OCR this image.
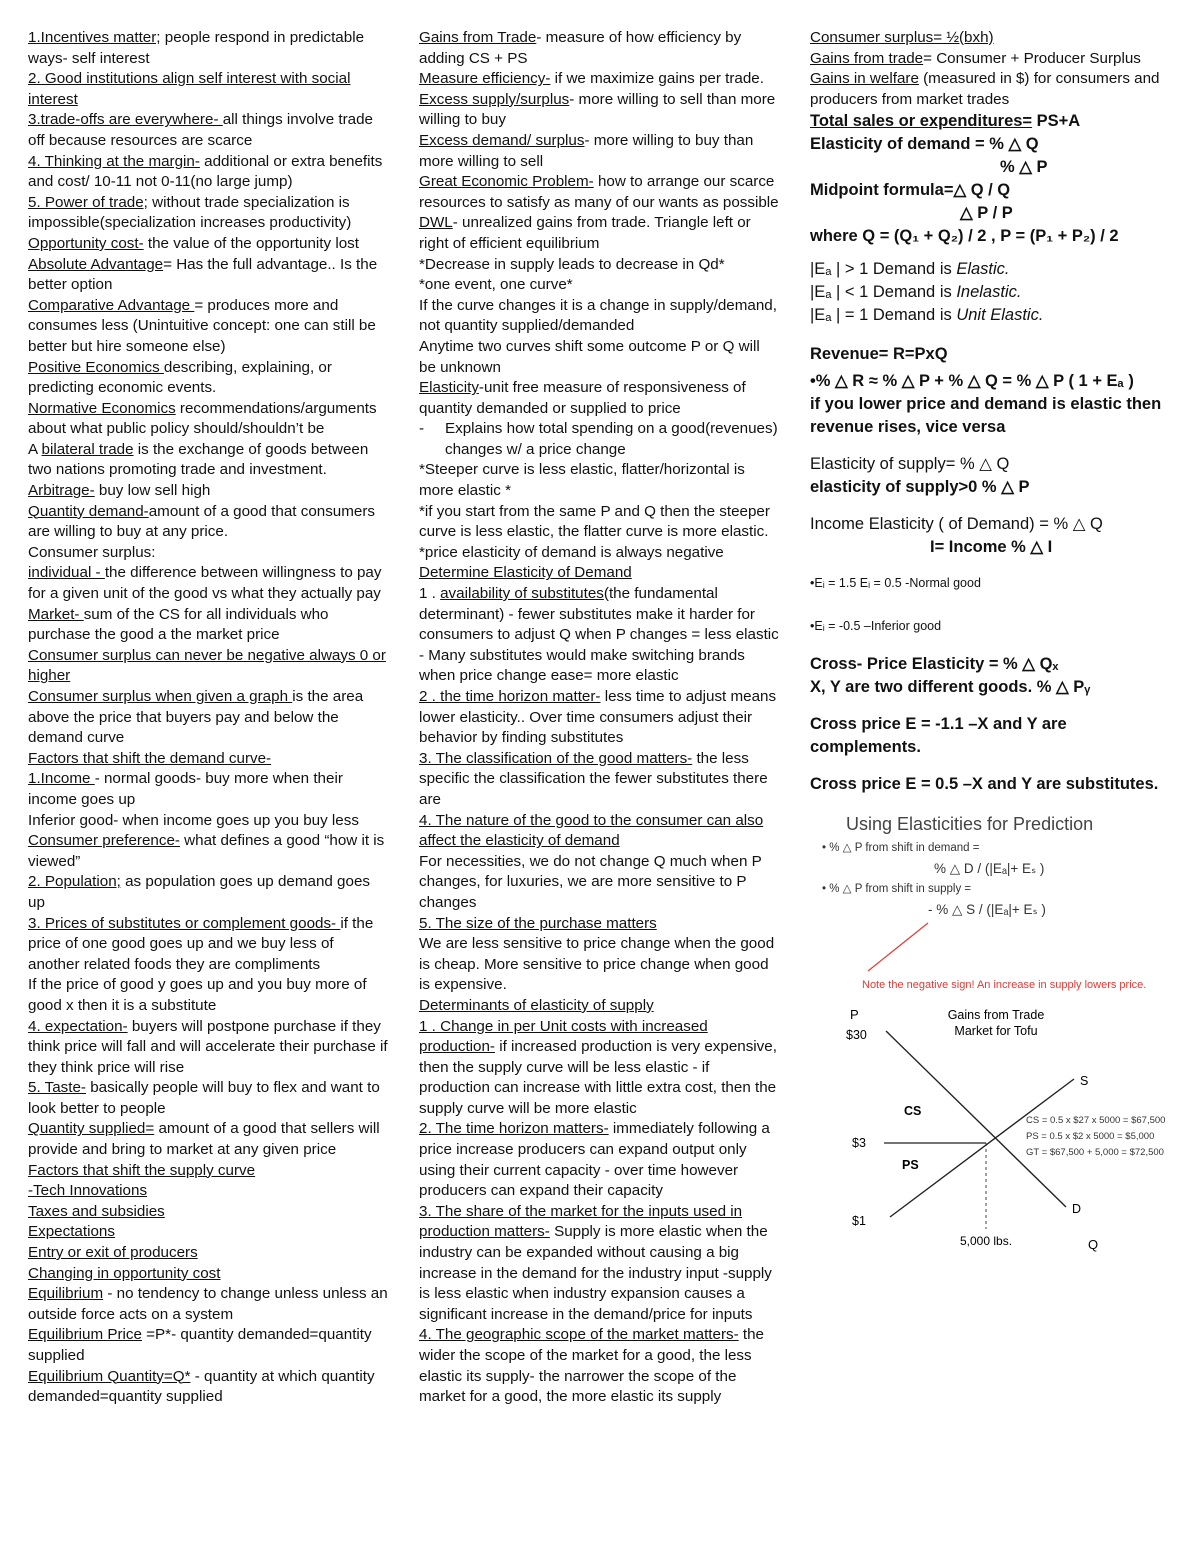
1.Incentives matter; people respond in predictable ways- self interest
2. Good institutions align self interest with social interest
3.trade-offs are everywhere- all things involve trade off because resources are scarce
4. Thinking at the margin- additional or extra benefits and cost/ 10-11 not 0-11(no large jump)
5. Power of trade; without trade specialization is impossible(specialization increases productivity)
Opportunity cost- the value of the opportunity lost
Absolute Advantage= Has the full advantage.. Is the better option
Comparative Advantage = produces more and consumes less (Unintuitive concept: one can still be better but hire someone else)
Positive Economics describing, explaining, or predicting economic events.
Normative Economics recommendations/arguments about what public policy should/shouldn’t be
A bilateral trade is the exchange of goods between two nations promoting trade and investment.
Arbitrage- buy low sell high
Quantity demand-amount of a good that consumers are willing to buy at any price.
Consumer surplus:
individual - the difference between willingness to pay for a given unit of the good vs what they actually pay
Market- sum of the CS for all individuals who purchase the good a the market price
Consumer surplus can never be negative always 0 or higher
Consumer surplus when given a graph is the area above the price that buyers pay and below the demand curve
Factors that shift the demand curve-
1.Income - normal goods- buy more when their income goes up
Inferior good- when income goes up you buy less
Consumer preference- what defines a good “how it is viewed”
2. Population; as population goes up demand goes up
3. Prices of substitutes or complement goods- if the price of one good goes up and we buy less of another related foods they are compliments
If the price of good y goes up and you buy more of good x then it is a substitute
4. expectation- buyers will postpone purchase if they think price will fall and will accelerate their purchase if they think price will rise
5. Taste- basically people will buy to flex and want to look better to people
Quantity supplied= amount of a good that sellers will provide and bring to market at any given price
Factors that shift the supply curve
-Tech Innovations
Taxes and subsidies
Expectations
Entry or exit of producers
Changing in opportunity cost
Equilibrium - no tendency to change unless unless an outside force acts on a system
Equilibrium Price =P*- quantity demanded=quantity supplied
Equilibrium Quantity=Q* - quantity at which quantity demanded=quantity supplied
Gains from Trade- measure of how efficiency by adding CS + PS
Measure efficiency- if we maximize gains per trade.
Excess supply/surplus- more willing to sell than more willing to buy
Excess demand/ surplus- more willing to buy than more willing to sell
Great Economic Problem- how to arrange our scarce resources to satisfy as many of our wants as possible
DWL- unrealized gains from trade. Triangle left or right of efficient equilibrium
*Decrease in supply leads to decrease in Qd*
*one event, one curve*
If the curve changes it is a change in supply/demand, not quantity supplied/demanded
Anytime two curves shift some outcome P or Q will be unknown
Elasticity-unit free measure of responsiveness of quantity demanded or supplied to price
-	Explains how total spending on a good(revenues) changes w/ a price change
*Steeper curve is less elastic, flatter/horizontal is more elastic *
*if you start from the same P and Q then the steeper curve is less elastic, the flatter curve is more elastic.
*price elasticity of demand is always negative
Determine Elasticity of Demand
1 . availability of substitutes(the fundamental determinant) - fewer substitutes make it harder for consumers to adjust Q when P changes = less elastic - Many substitutes would make switching brands when price change ease= more elastic
2 . the time horizon matter- less time to adjust means lower elasticity.. Over time consumers adjust their behavior by finding substitutes
3. The classification of the good matters- the less specific the classification the fewer substitutes there are
4. The nature of the good to the consumer can also affect the elasticity of demand
For necessities, we do not change Q much when P changes, for luxuries, we are more sensitive to P changes
5. The size of the purchase matters
We are less sensitive to price change when the good is cheap. More sensitive to price change when good is expensive.
Determinants of elasticity of supply
1 . Change in per Unit costs with increased production- if increased production is very expensive, then the supply curve will be less elastic - if production can increase with little extra cost, then the supply curve will be more elastic
2. The time horizon matters- immediately following a price increase producers can expand output only using their current capacity - over time however producers can expand their capacity
3. The share of the market for the inputs used in production matters- Supply is more elastic when the industry can be expanded without causing a big increase in the demand for the industry input -supply is less elastic when industry expansion causes a significant increase in the demand/price for inputs
4. The geographic scope of the market matters- the wider the scope of the market for a good, the less elastic its supply- the narrower the scope of the market for a good, the more elastic its supply
Consumer surplus= ½(bxh)
Gains from trade= Consumer + Producer Surplus
Gains in welfare (measured in $) for consumers and producers from market trades
Total sales or expenditures= PS+A
Elasticity of demand = % △ Q
% △ P
Midpoint formula=△ Q / Q
△ P / P
where Q = (Q₁ + Q₂) / 2 , P = (P₁ + P₂) / 2
|Eₐ | > 1 Demand is Elastic.
|Eₐ | < 1 Demand is Inelastic.
|Eₐ | = 1 Demand is Unit Elastic.
Revenue= R=PxQ
•% △ R ≈ % △ P + % △ Q = % △ P ( 1 + Eₐ )
if you lower price and demand is elastic then revenue rises, vice versa
Elasticity of supply= % △ Q
elasticity of supply>0 % △ P
Income Elasticity ( of Demand) = % △ Q
I= Income % △ I
•Eᵢ = 1.5 Eᵢ = 0.5 -Normal good
•Eᵢ = -0.5 –Inferior good
Cross- Price Elasticity = % △ Qₓ
X, Y are two different goods. % △ Pᵧ
Cross price E = -1.1 –X and Y are complements.
Cross price E = 0.5 –X and Y are substitutes.
Using Elasticities for Prediction
• % △ P from shift in demand =
% △ D / (|Eₐ|+ Eₛ )
• % △ P from shift in supply =
- % △ S / (|Eₐ|+ Eₛ )
Note the negative sign! An increase in supply lowers price.
Gains from Trade
Market for Tofu
P
$30
$3
$1
S
D
CS
PS
5,000 lbs.	Q
CS = 0.5 x $27 x 5000 = $67,500
PS = 0.5 x $2 x 5000 = $5,000
GT = $67,500 + 5,000 = $72,500
